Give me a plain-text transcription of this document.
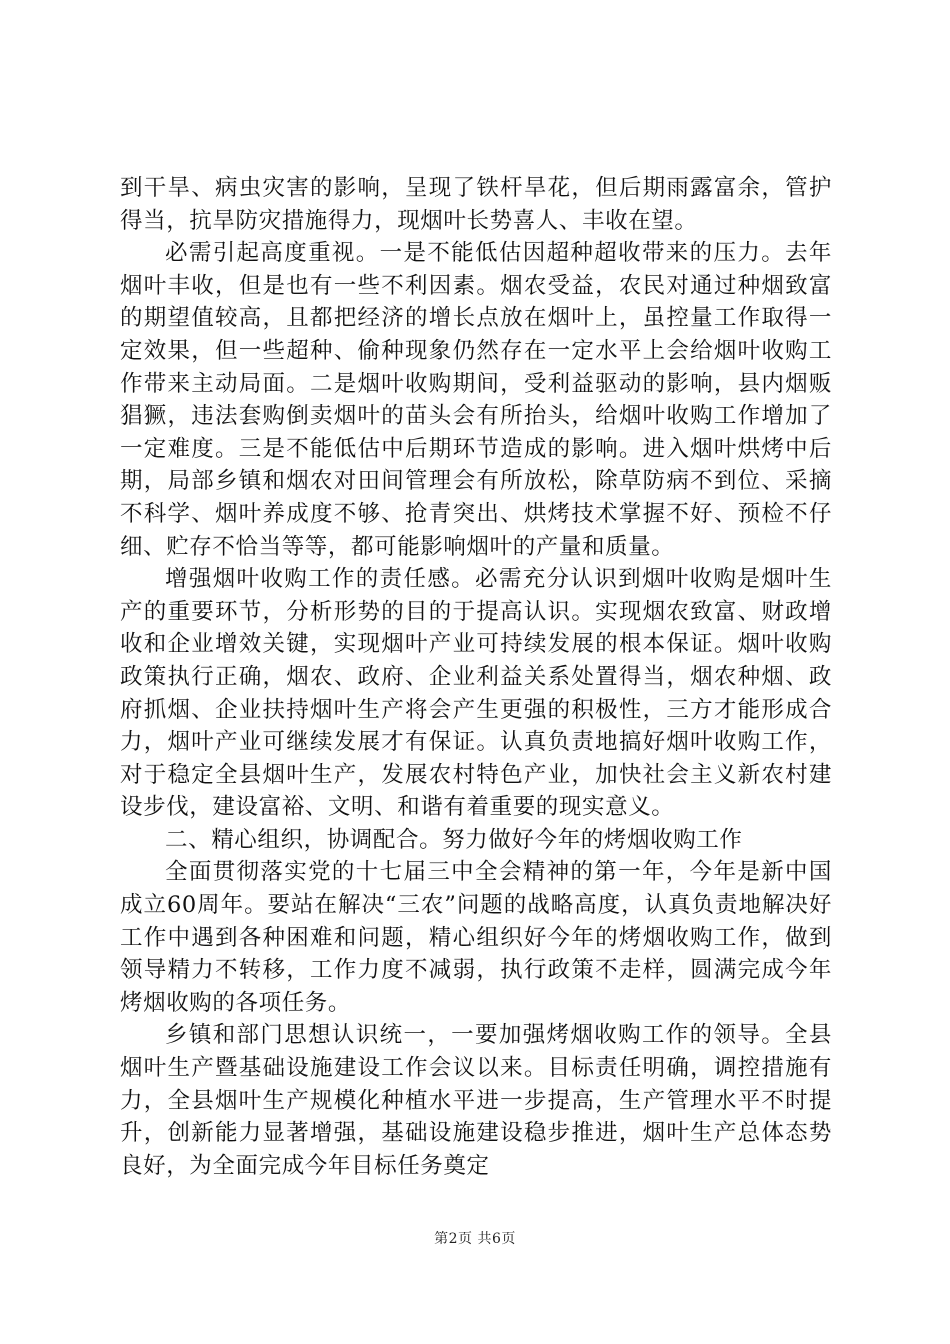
到干旱、病虫灾害的影响，呈现了铁杆旱花，但后期雨露富余，管护得当，抗旱防灾措施得力，现烟叶长势喜人、丰收在望。

必需引起高度重视。一是不能低估因超种超收带来的压力。去年烟叶丰收，但是也有一些不利因素。烟农受益，农民对通过种烟致富的期望值较高，且都把经济的增长点放在烟叶上，虽控量工作取得一定效果，但一些超种、偷种现象仍然存在一定水平上会给烟叶收购工作带来主动局面。二是烟叶收购期间，受利益驱动的影响，县内烟贩猖獗，违法套购倒卖烟叶的苗头会有所抬头，给烟叶收购工作增加了一定难度。三是不能低估中后期环节造成的影响。进入烟叶烘烤中后期，局部乡镇和烟农对田间管理会有所放松，除草防病不到位、采摘不科学、烟叶养成度不够、抢青突出、烘烤技术掌握不好、预检不仔细、贮存不恰当等等，都可能影响烟叶的产量和质量。

增强烟叶收购工作的责任感。必需充分认识到烟叶收购是烟叶生产的重要环节，分析形势的目的于提高认识。实现烟农致富、财政增收和企业增效关键，实现烟叶产业可持续发展的根本保证。烟叶收购政策执行正确，烟农、政府、企业利益关系处置得当，烟农种烟、政府抓烟、企业扶持烟叶生产将会产生更强的积极性，三方才能形成合力，烟叶产业可继续发展才有保证。认真负责地搞好烟叶收购工作，对于稳定全县烟叶生产，发展农村特色产业，加快社会主义新农村建设步伐，建设富裕、文明、和谐有着重要的现实意义。

二、精心组织，协调配合。努力做好今年的烤烟收购工作

全面贯彻落实党的十七届三中全会精神的第一年，今年是新中国成立60周年。要站在解决“三农”问题的战略高度，认真负责地解决好工作中遇到各种困难和问题，精心组织好今年的烤烟收购工作，做到领导精力不转移，工作力度不减弱，执行政策不走样，圆满完成今年烤烟收购的各项任务。

乡镇和部门思想认识统一，一要加强烤烟收购工作的领导。全县烟叶生产暨基础设施建设工作会议以来。目标责任明确，调控措施有力，全县烟叶生产规模化种植水平进一步提高，生产管理水平不时提升，创新能力显著增强，基础设施建设稳步推进，烟叶生产总体态势良好，为全面完成今年目标任务奠定

第2页 共6页
